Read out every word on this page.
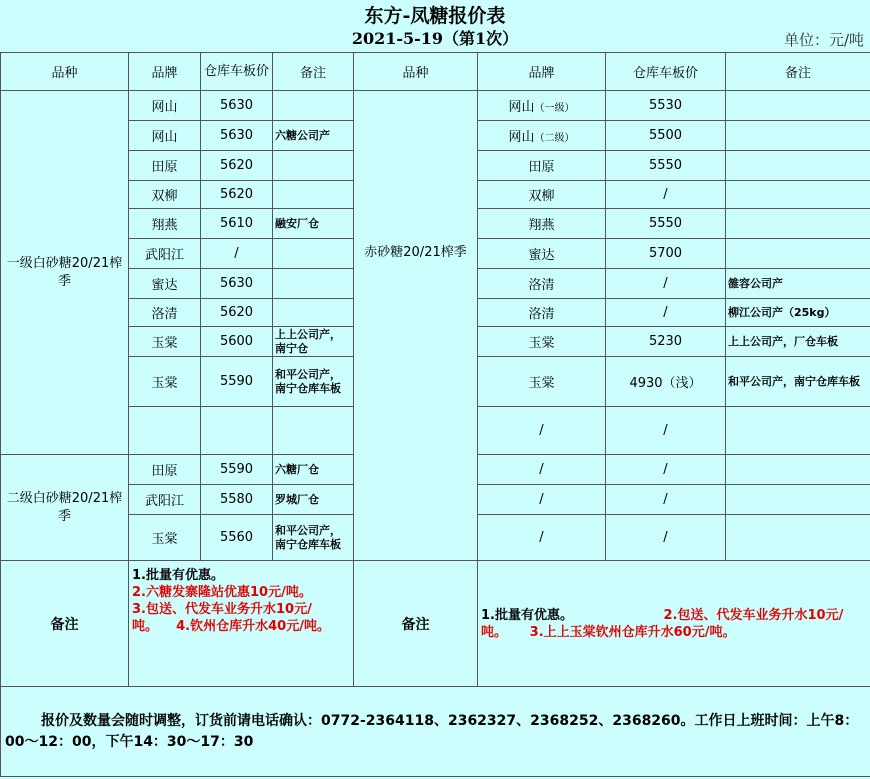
东方-凤糖报价表
2021-5-19（第1次）	单位：元/吨
品种	品牌	仓库车板价	备注	品种	品牌	仓库车板价	备注
一级白砂糖20/21榨季	网山	5630		赤砂糖20/21榨季	网山（一级）	5530	
	网山	5630	六糖公司产		网山（二级）	5500	
	田原	5620			田原	5550	
	双柳	5620			双柳	/	
	翔燕	5610	融安厂仓		翔燕	5550	
	武阳江	/			蜜达	5700	
	蜜达	5630			洛清	/	雒容公司产
	洛清	5620			洛清	/	柳江公司产（25kg）
	玉棠	5600	上上公司产，南宁仓		玉棠	5230	上上公司产，厂仓车板
	玉棠	5590	和平公司产，南宁仓库车板		玉棠	4930（浅）	和平公司产，南宁仓库车板
					/	/	
二级白砂糖20/21榨季	田原	5590	六糖厂仓		/	/	
	武阳江	5580	罗城厂仓		/	/	
	玉棠	5560	和平公司产，南宁仓库车板		/	/	
备注	1.批量有优惠。
2.六糖发寨隆站优惠10元/吨。
3.包送、代发车业务升水10元/吨。 4.钦州仓库升水40元/吨。			备注	1.批量有优惠。 2.包送、代发车业务升水10元/吨。 3.上上玉棠钦州仓库升水60元/吨。		

报价及数量会随时调整，订货前请电话确认：0772-2364118、2362327、2368252、2368260。工作日上班时间：上午8：00～12：00，下午14：30～17：30							
